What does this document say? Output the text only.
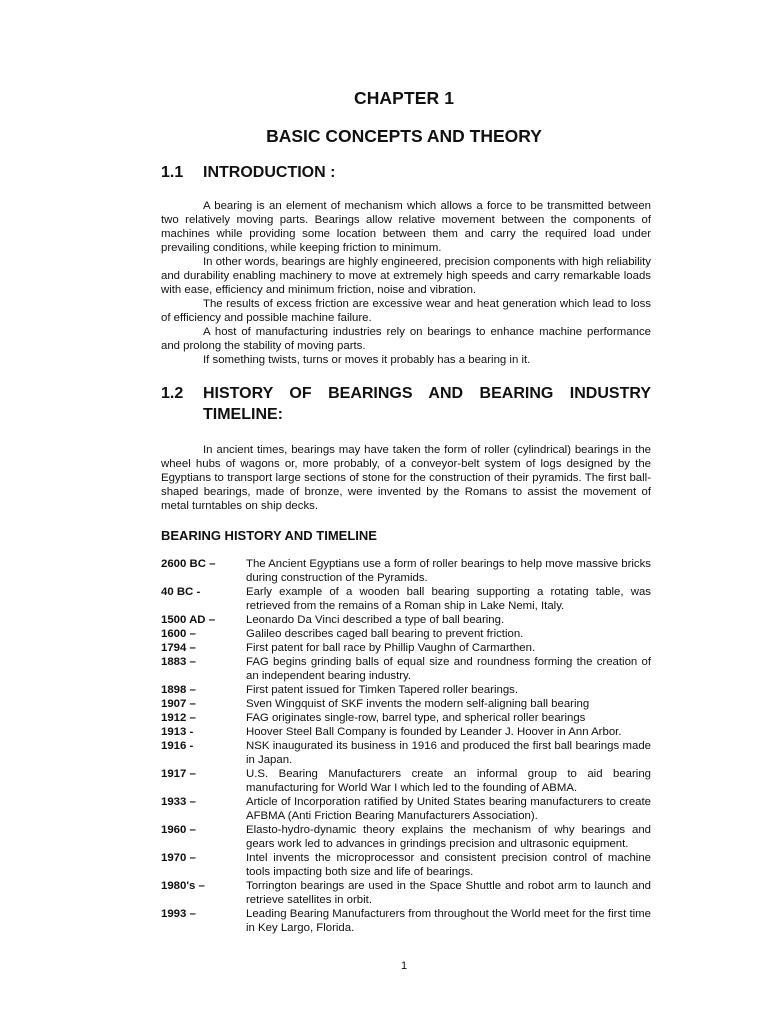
CHAPTER 1
BASIC CONCEPTS AND THEORY
1.1	INTRODUCTION :

A bearing is an element of mechanism which allows a force to be transmitted between two relatively moving parts. Bearings allow relative movement between the components of machines while providing some location between them and carry the required load under prevailing conditions, while keeping friction to minimum.

In other words, bearings are highly engineered, precision components with high reliability and durability enabling machinery to move at extremely high speeds and carry remarkable loads with ease, efficiency and minimum friction, noise and vibration.

The results of excess friction are excessive wear and heat generation which lead to loss of efficiency and possible machine failure.

A host of manufacturing industries rely on bearings to enhance machine performance and prolong the stability of moving parts.

If something twists, turns or moves it probably has a bearing in it.

1.2	HISTORY OF BEARINGS AND BEARING INDUSTRY TIMELINE:

In ancient times, bearings may have taken the form of roller (cylindrical) bearings in the wheel hubs of wagons or, more probably, of a conveyor-belt system of logs designed by the Egyptians to transport large sections of stone for the construction of their pyramids. The first ball-shaped bearings, made of bronze, were invented by the Romans to assist the movement of metal turntables on ship decks.

BEARING HISTORY AND TIMELINE
2600 BC –	The Ancient Egyptians use a form of roller bearings to help move massive bricks during construction of the Pyramids.
40 BC -	Early example of a wooden ball bearing supporting a rotating table, was retrieved from the remains of a Roman ship in Lake Nemi, Italy.
1500 AD –	Leonardo Da Vinci described a type of ball bearing.
1600 –	Galileo describes caged ball bearing to prevent friction.
1794 –	First patent for ball race by Phillip Vaughn of Carmarthen.
1883 –	FAG begins grinding balls of equal size and roundness forming the creation of an independent bearing industry.
1898 –	First patent issued for Timken Tapered roller bearings.
1907 –	Sven Wingquist of SKF invents the modern self-aligning ball bearing
1912 –	FAG originates single-row, barrel type, and spherical roller bearings
1913 -	Hoover Steel Ball Company is founded by Leander J. Hoover in Ann Arbor.
1916 -	NSK inaugurated its business in 1916 and produced the first ball bearings made in Japan.
1917 –	U.S. Bearing Manufacturers create an informal group to aid bearing manufacturing for World War I which led to the founding of ABMA.
1933 –	Article of Incorporation ratified by United States bearing manufacturers to create AFBMA (Anti Friction Bearing Manufacturers Association).
1960 –	Elasto-hydro-dynamic theory explains the mechanism of why bearings and gears work led to advances in grindings precision and ultrasonic equipment.
1970 –	Intel invents the microprocessor and consistent precision control of machine tools impacting both size and life of bearings.
1980's –	Torrington bearings are used in the Space Shuttle and robot arm to launch and retrieve satellites in orbit.
1993 –	Leading Bearing Manufacturers from throughout the World meet for the first time in Key Largo, Florida.
1
